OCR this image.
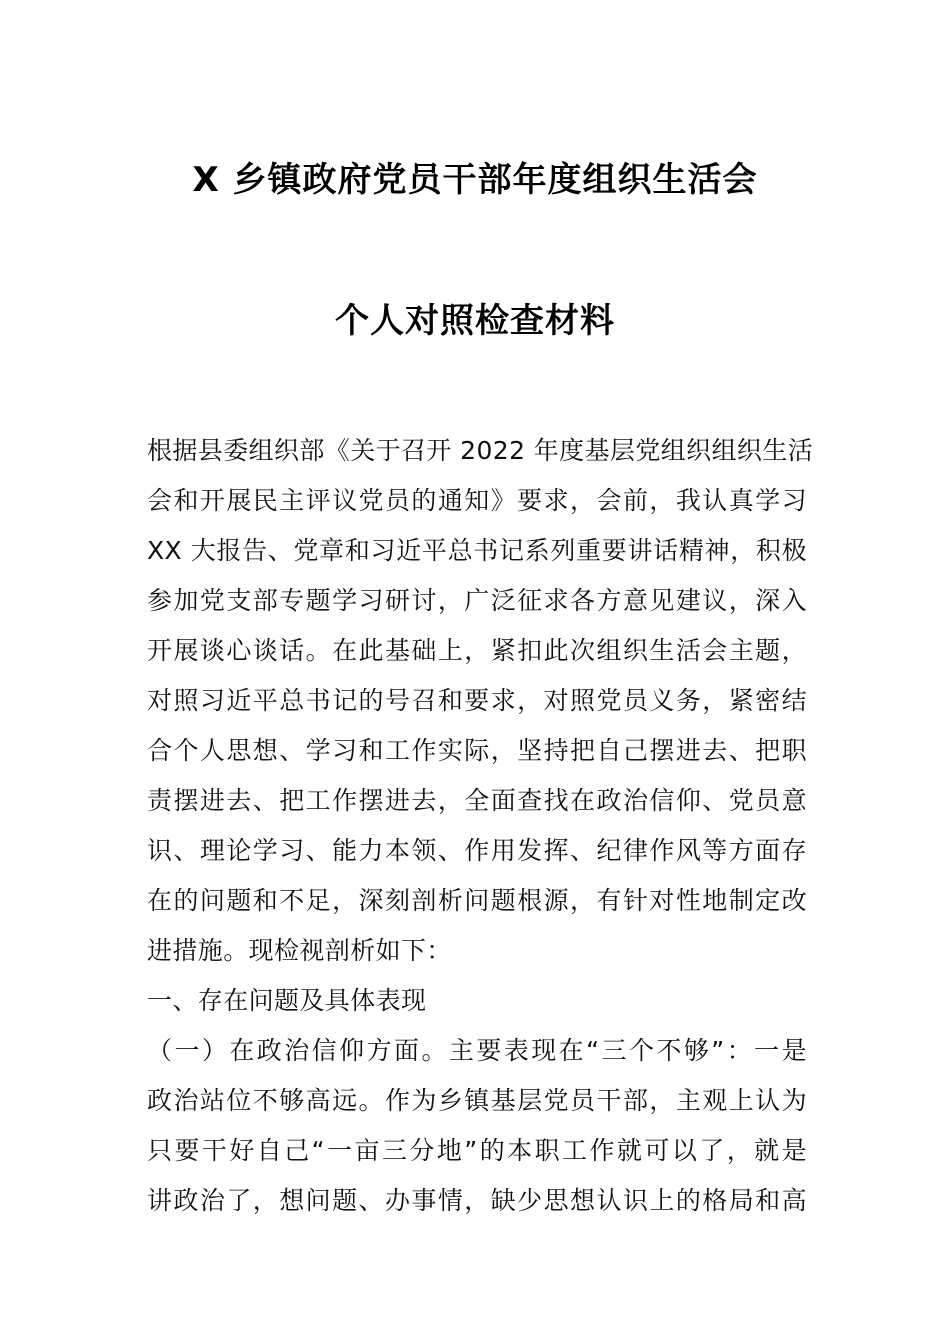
X 乡镇政府党员干部年度组织生活会
个人对照检查材料
根据县委组织部《关于召开 2022 年度基层党组织组织生活
会和开展民主评议党员的通知》要求，会前，我认真学习
XX 大报告、党章和习近平总书记系列重要讲话精神，积极
参加党支部专题学习研讨，广泛征求各方意见建议，深入
开展谈心谈话。在此基础上，紧扣此次组织生活会主题，
对照习近平总书记的号召和要求，对照党员义务，紧密结
合个人思想、学习和工作实际，坚持把自己摆进去、把职
责摆进去、把工作摆进去，全面查找在政治信仰、党员意
识、理论学习、能力本领、作用发挥、纪律作风等方面存
在的问题和不足，深刻剖析问题根源，有针对性地制定改
进措施。现检视剖析如下：
一、存在问题及具体表现
（一）在政治信仰方面。主要表现在“三个不够”：一是
政治站位不够高远。作为乡镇基层党员干部，主观上认为
只要干好自己“一亩三分地”的本职工作就可以了，就是
讲政治了，想问题、办事情，缺少思想认识上的格局和高
